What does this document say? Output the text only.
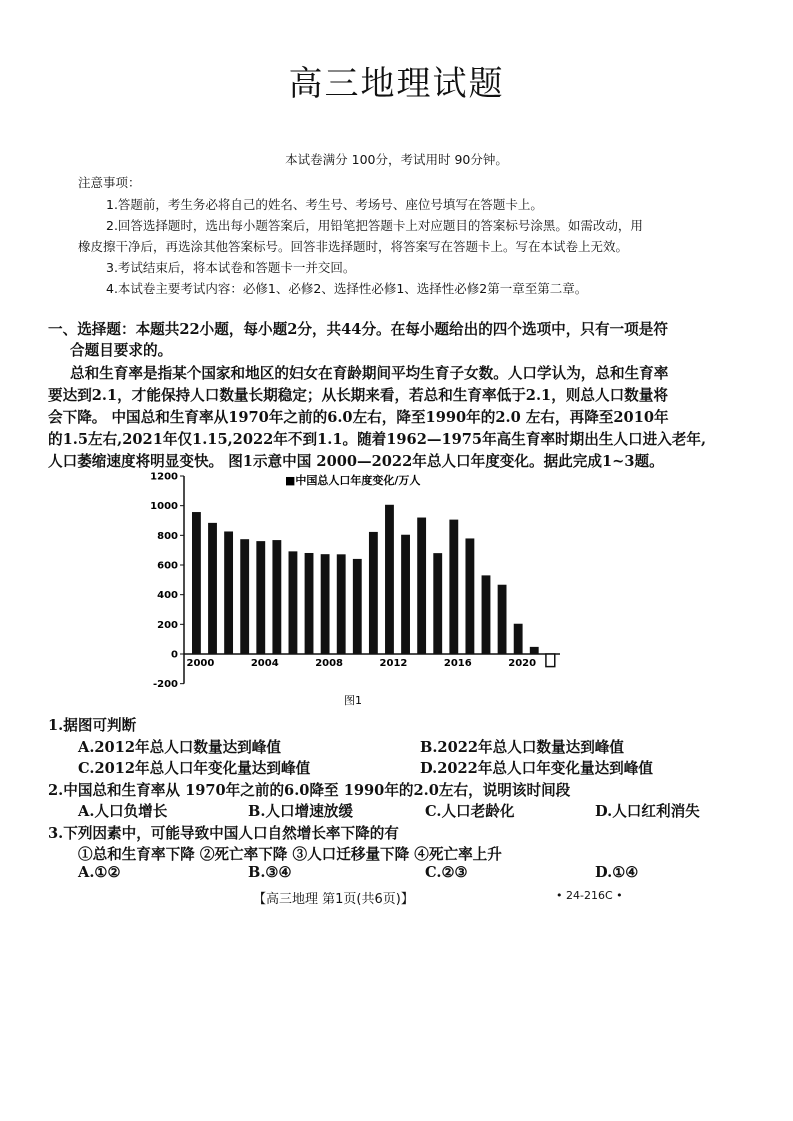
高三地理试题
本试卷满分 100分，考试用时 90分钟。
注意事项：
1.答题前，考生务必将自己的姓名、考生号、考场号、座位号填写在答题卡上。
2.回答选择题时，选出每小题答案后，用铅笔把答题卡上对应题目的答案标号涂黑。如需改动，用
橡皮擦干净后，再选涂其他答案标号。回答非选择题时，将答案写在答题卡上。写在本试卷上无效。
3.考试结束后，将本试卷和答题卡一并交回。
4.本试卷主要考试内容：必修1、必修2、选择性必修1、选择性必修2第一章至第二章。
一、选择题：本题共22小题，每小题2分，共44分。在每小题给出的四个选项中，只有一项是符
合题目要求的。
总和生育率是指某个国家和地区的妇女在育龄期间平均生育子女数。人口学认为，总和生育率
要达到2.1，才能保持人口数量长期稳定；从长期来看，若总和生育率低于2.1，则总人口数量将
会下降。 中国总和生育率从1970年之前的6.0左右，降至1990年的2.0 左右，再降至2010年
的1.5左右,2021年仅1.15,2022年不到1.1。随着1962—1975年高生育率时期出生人口进入老年,
人口萎缩速度将明显变快。 图1示意中国 2000—2022年总人口年度变化。据此完成1~3题。
1200
1000
800
600
400
200
0
-200
2000	2004	2008	2012	2016	2020
■中国总人口年度变化/万人
图1
1.据图可判断
A.2012年总人口数量达到峰值	B.2022年总人口数量达到峰值
C.2012年总人口年变化量达到峰值	D.2022年总人口年变化量达到峰值
2.中国总和生育率从 1970年之前的6.0降至 1990年的2.0左右，说明该时间段
A.人口负增长	B.人口增速放缓	C.人口老龄化	D.人口红利消失
3.下列因素中，可能导致中国人口自然增长率下降的有
①总和生育率下降 ②死亡率下降 ③人口迁移量下降 ④死亡率上升
A.①②	B.③④	C.②③	D.①④
【高三地理 第1页(共6页)】	• 24-216C •
